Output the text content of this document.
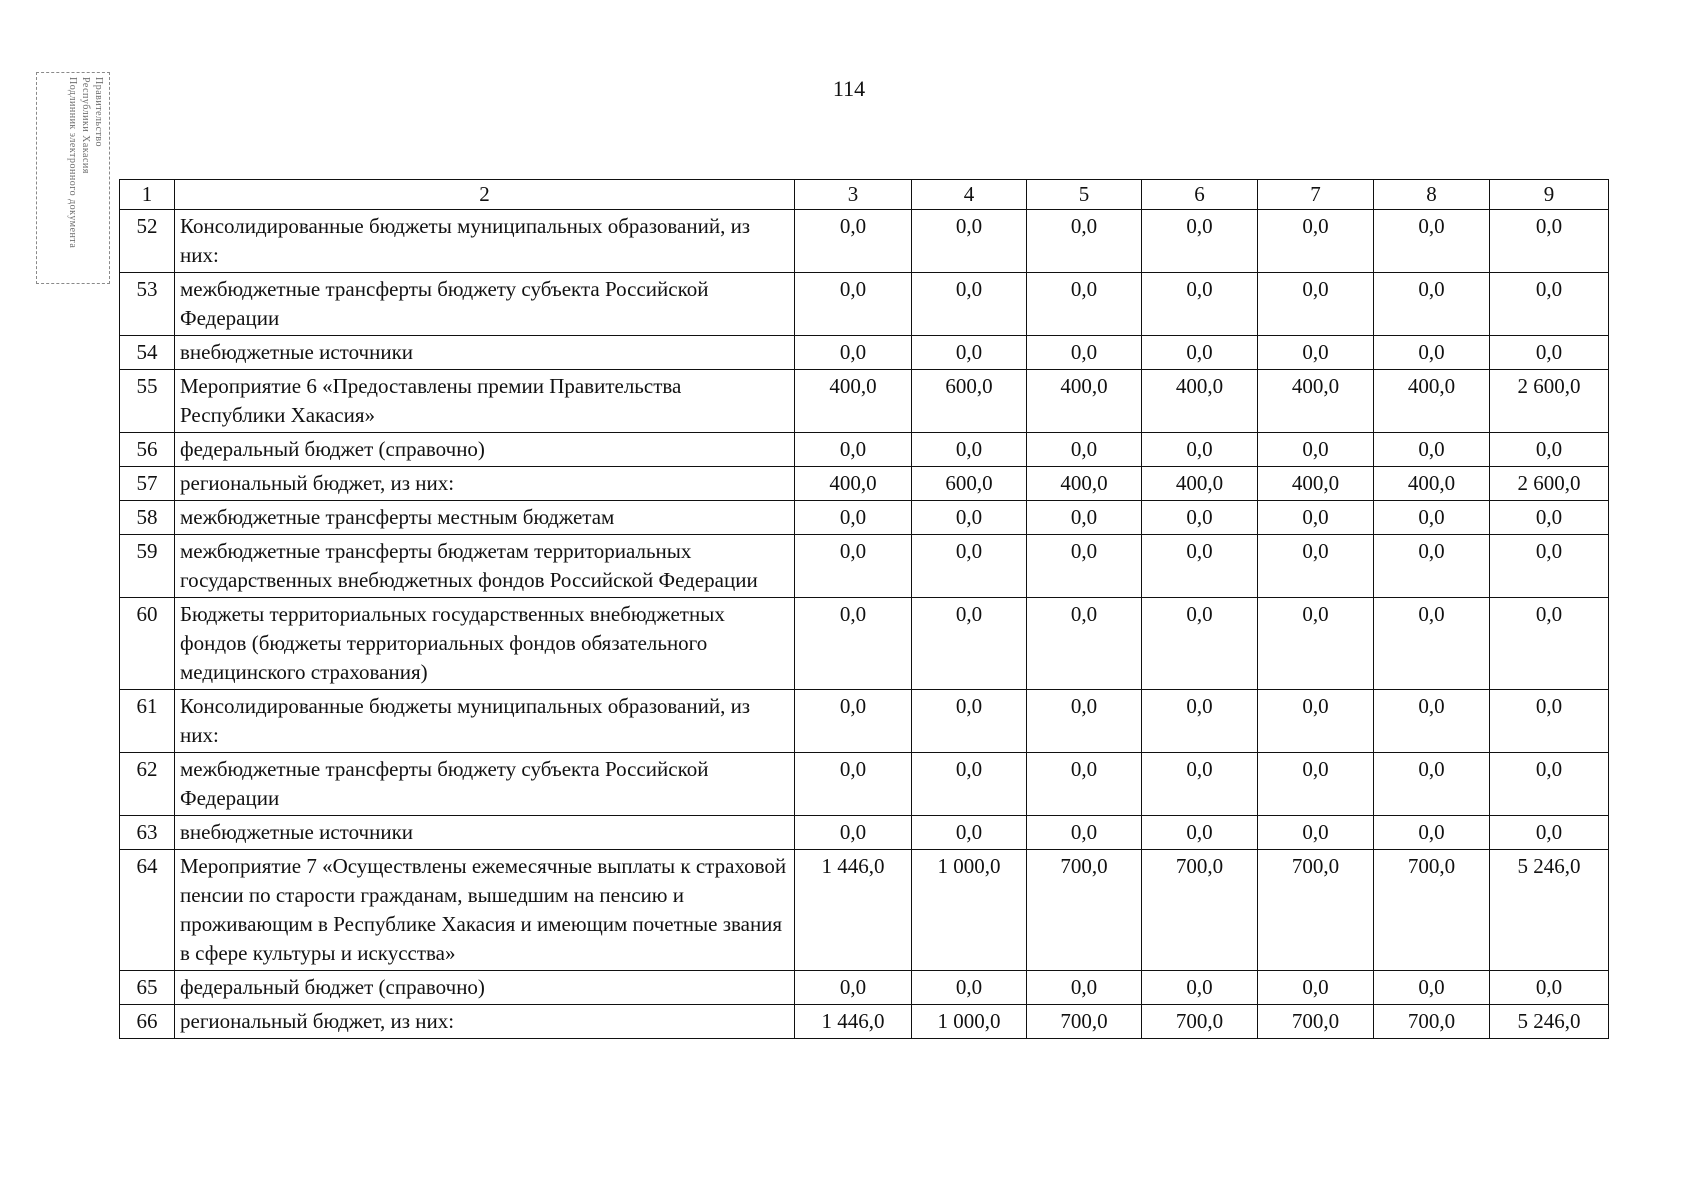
Правительство
Республики Хакасия
Подлинник электронного документа	114
1	2	3	4	5	6	7	8	9
52	Консолидированные бюджеты муниципальных образований, из них:	0,0	0,0	0,0	0,0	0,0	0,0	0,0
53	межбюджетные трансферты бюджету субъекта Российской Федерации	0,0	0,0	0,0	0,0	0,0	0,0	0,0
54	внебюджетные источники	0,0	0,0	0,0	0,0	0,0	0,0	0,0
55	Мероприятие 6 «Предоставлены премии Правительства Республики Хакасия»	400,0	600,0	400,0	400,0	400,0	400,0	2 600,0
56	федеральный бюджет (справочно)	0,0	0,0	0,0	0,0	0,0	0,0	0,0
57	региональный бюджет, из них:	400,0	600,0	400,0	400,0	400,0	400,0	2 600,0
58	межбюджетные трансферты местным бюджетам	0,0	0,0	0,0	0,0	0,0	0,0	0,0
59	межбюджетные трансферты бюджетам территориальных государственных внебюджетных фондов Российской Федерации	0,0	0,0	0,0	0,0	0,0	0,0	0,0
60	Бюджеты территориальных государственных внебюджетных фондов (бюджеты территориальных фондов обязательного медицинского страхования)	0,0	0,0	0,0	0,0	0,0	0,0	0,0
61	Консолидированные бюджеты муниципальных образований, из них:	0,0	0,0	0,0	0,0	0,0	0,0	0,0
62	межбюджетные трансферты бюджету субъекта Российской Федерации	0,0	0,0	0,0	0,0	0,0	0,0	0,0
63	внебюджетные источники	0,0	0,0	0,0	0,0	0,0	0,0	0,0
64	Мероприятие 7 «Осуществлены ежемесячные выплаты к страховой пенсии по старости гражданам, вышедшим на пенсию и проживающим в Республике Хакасия и имеющим почетные звания в сфере культуры и искусства»	1 446,0	1 000,0	700,0	700,0	700,0	700,0	5 246,0
65	федеральный бюджет (справочно)	0,0	0,0	0,0	0,0	0,0	0,0	0,0
66	региональный бюджет, из них:	1 446,0	1 000,0	700,0	700,0	700,0	700,0	5 246,0
